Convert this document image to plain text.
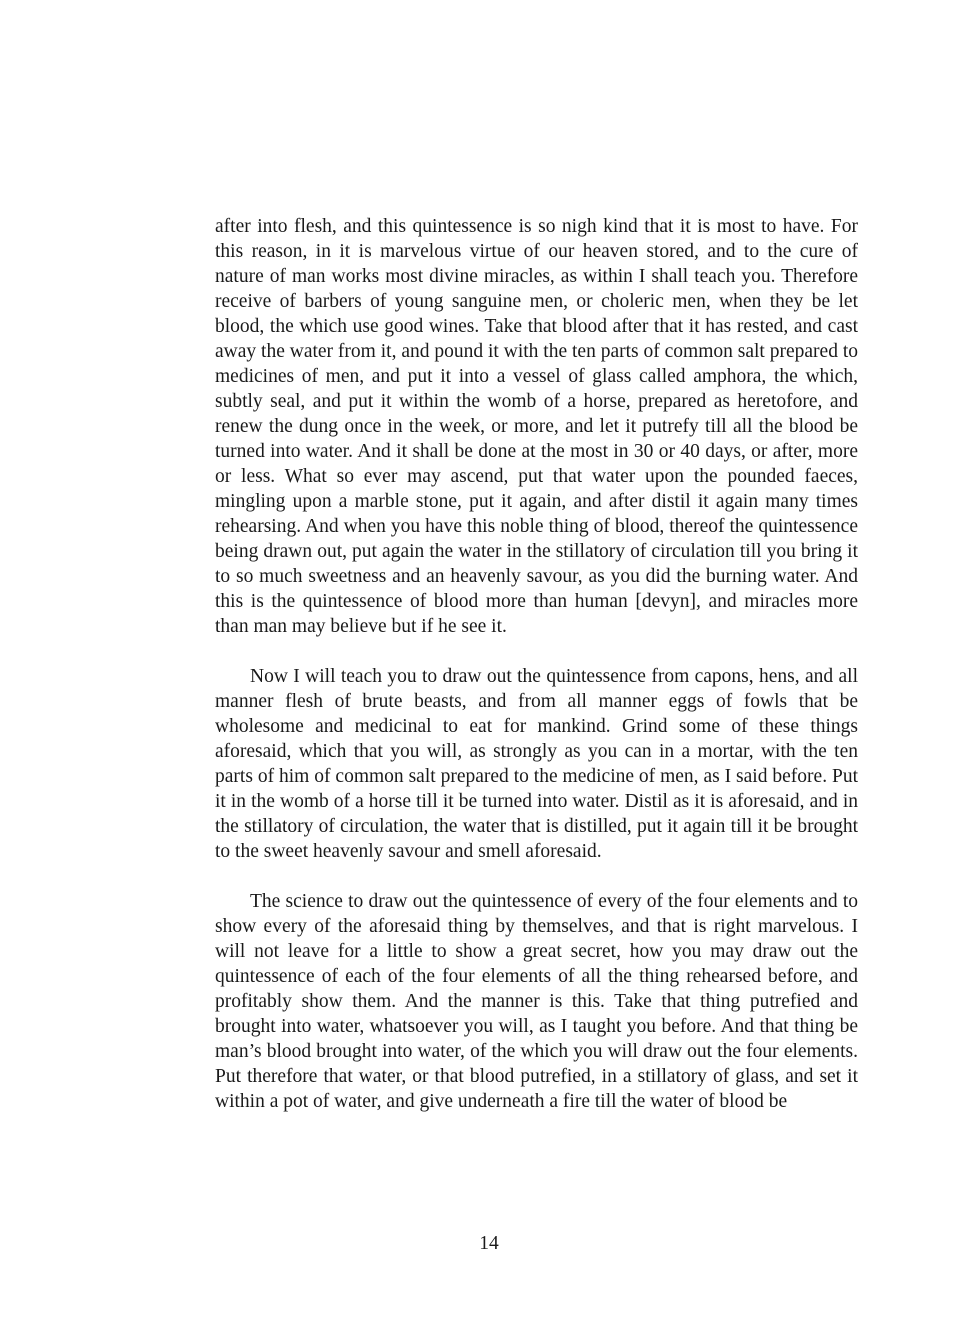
after into flesh, and this quintessence is so nigh kind that it is most to have. For this reason, in it is marvelous virtue of our heaven stored, and to the cure of nature of man works most divine miracles, as within I shall teach you. Therefore receive of barbers of young sanguine men, or choleric men, when they be let blood, the which use good wines. Take that blood after that it has rested, and cast away the water from it, and pound it with the ten parts of common salt prepared to medicines of men, and put it into a vessel of glass called amphora, the which, subtly seal, and put it within the womb of a horse, prepared as heretofore, and renew the dung once in the week, or more, and let it putrefy till all the blood be turned into water. And it shall be done at the most in 30 or 40 days, or after, more or less. What so ever may ascend, put that water upon the pounded faeces, mingling upon a marble stone, put it again, and after distil it again many times rehearsing. And when you have this noble thing of blood, thereof the quintessence being drawn out, put again the water in the stillatory of circulation till you bring it to so much sweetness and an heavenly savour, as you did the burning water. And this is the quintessence of blood more than human [devyn], and miracles more than man may believe but if he see it.

Now I will teach you to draw out the quintessence from capons, hens, and all manner flesh of brute beasts, and from all manner eggs of fowls that be wholesome and medicinal to eat for mankind. Grind some of these things aforesaid, which that you will, as strongly as you can in a mortar, with the ten parts of him of common salt prepared to the medicine of men, as I said before. Put it in the womb of a horse till it be turned into water. Distil as it is aforesaid, and in the stillatory of circulation, the water that is distilled, put it again till it be brought to the sweet heavenly savour and smell aforesaid.

The science to draw out the quintessence of every of the four elements and to show every of the aforesaid thing by themselves, and that is right marvelous. I will not leave for a little to show a great secret, how you may draw out the quintessence of each of the four elements of all the thing rehearsed before, and profitably show them. And the manner is this. Take that thing putrefied and brought into water, whatsoever you will, as I taught you before. And that thing be man’s blood brought into water, of the which you will draw out the four elements. Put therefore that water, or that blood putrefied, in a stillatory of glass, and set it within a pot of water, and give underneath a fire till the water of blood be

14
